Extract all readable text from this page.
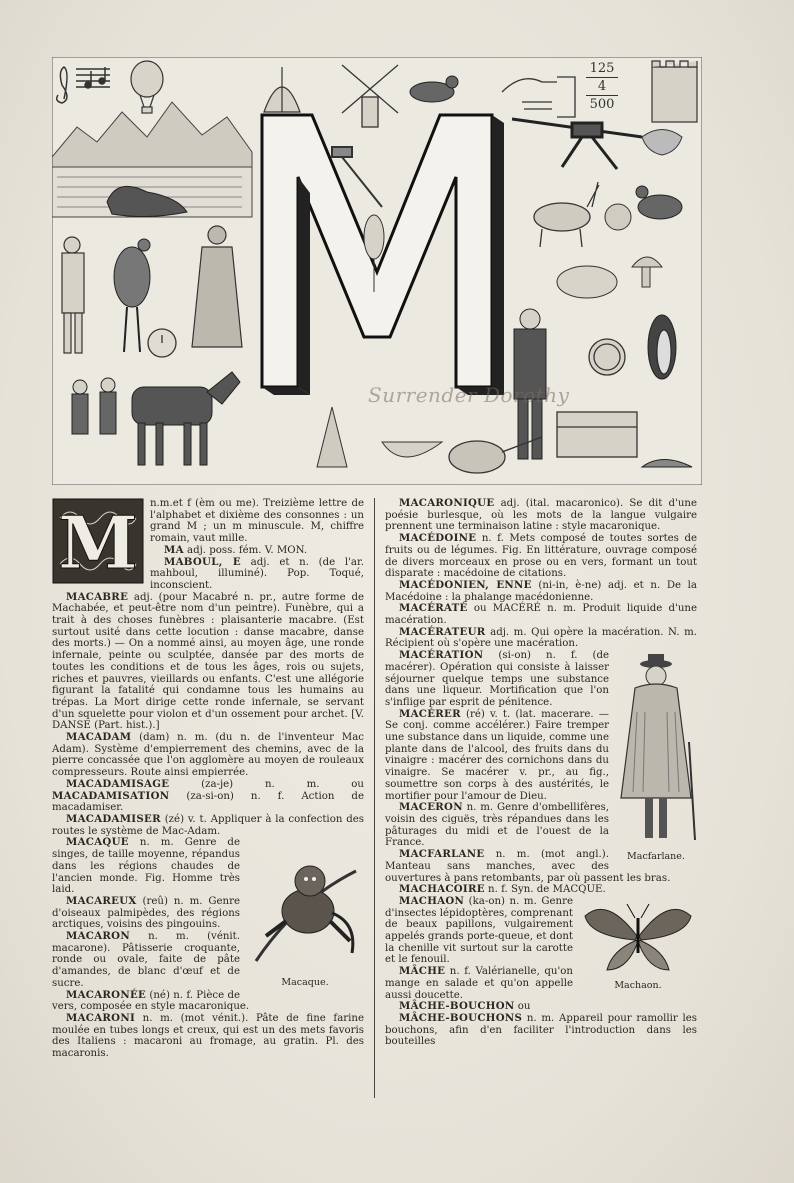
125
4
500
Surrender Dorothy
M	n.m.et f (èm ou me). Treizième lettre de l'alphabet et dixième des consonnes : un grand M ; un m minuscule. M, chiffre romain, vaut mille.

MA adj. poss. fém. V. MON.

MABOUL, E adj. et n. (de l'ar. mahboul, illuminé). Pop. Toqué, inconscient.

MACABRE adj. (pour Macabré n. pr., autre forme de Machabée, et peut-être nom d'un peintre). Funèbre, qui a trait à des choses funèbres : plaisanterie macabre. (Est surtout usité dans cette locution : danse macabre, danse des morts.) — On a nommé ainsi, au moyen âge, une ronde infernale, peinte ou sculptée, dansée par des morts de toutes les conditions et de tous les âges, rois ou sujets, riches et pauvres, vieillards ou enfants. C'est une allégorie figurant la fatalité qui condamne tous les humains au trépas. La Mort dirige cette ronde infernale, se servant d'un squelette pour violon et d'un ossement pour archet. [V. DANSE (Part. hist.).]

MACADAM (dam) n. m. (du n. de l'inventeur Mac Adam). Système d'empierrement des chemins, avec de la pierre concassée que l'on agglomère au moyen de rouleaux compresseurs. Route ainsi empierrée.

MACADAMISAGE (za-je) n. m. ou MACADAMISATION (za-si-on) n. f. Action de macadamiser.

MACADAMISER (zé) v. t. Appliquer à la confection des routes le système de Mac-Adam.

Macaque.

MACAQUE n. m. Genre de singes, de taille moyenne, répandus dans les régions chaudes de l'ancien monde. Fig. Homme très laid.

MACAREUX (reû) n. m. Genre d'oiseaux palmipèdes, des régions arctiques, voisins des pingouins.

MACARON n. m. (vénit. macarone). Pâtisserie croquante, ronde ou ovale, faite de pâte d'amandes, de blanc d'œuf et de sucre.

MACARONÉE (né) n. f. Pièce de vers, composée en style macaronique.

MACARONI n. m. (mot vénit.). Pâte de fine farine moulée en tubes longs et creux, qui est un des mets favoris des Italiens : macaroni au fromage, au gratin. Pl. des macaronis.

MACARONIQUE adj. (ital. macaronico). Se dit d'une poésie burlesque, où les mots de la langue vulgaire prennent une terminaison latine : style macaronique.

MACÉDOINE n. f. Mets composé de toutes sortes de fruits ou de légumes. Fig. En littérature, ouvrage composé de divers morceaux en prose ou en vers, formant un tout disparate : macédoine de citations.

MACÉDONIEN, ENNE (ni-in, è-ne) adj. et n. De la Macédoine : la phalange macédonienne.

MACÉRATÉ ou MACÉRÉ n. m. Produit liquide d'une macération.

MACÉRATEUR adj. m. Qui opère la macération. N. m. Récipient où s'opère une macération.

Macfarlane.

MACÉRATION (si-on) n. f. (de macérer). Opération qui consiste à laisser séjourner quelque temps une substance dans une liqueur. Mortification que l'on s'inflige par esprit de pénitence.

MACÉRER (ré) v. t. (lat. macerare. — Se conj. comme accélérer.) Faire tremper une substance dans un liquide, comme une plante dans de l'alcool, des fruits dans du vinaigre : macérer des cornichons dans du vinaigre. Se macérer v. pr., au fig., soumettre son corps à des austérités, le mortifier pour l'amour de Dieu.

MACERON n. m. Genre d'ombellifères, voisin des ciguës, très répandues dans les pâturages du midi et de l'ouest de la France.

MACFARLANE n. m. (mot angl.). Manteau sans manches, avec des ouvertures à pans retombants, par où passent les bras.

MACHACOIRE n. f. Syn. de MACQUE.

Machaon.

MACHAON (ka-on) n. m. Genre d'insectes lépidoptères, comprenant de beaux papillons, vulgairement appelés grands porte-queue, et dont la chenille vit surtout sur la carotte et le fenouil.

MÂCHE n. f. Valérianelle, qu'on mange en salade et qu'on appelle aussi doucette.

MÂCHE-BOUCHON ou

MÂCHE-BOUCHONS n. m. Appareil pour ramollir les bouchons, afin d'en faciliter l'introduction dans les bouteilles
